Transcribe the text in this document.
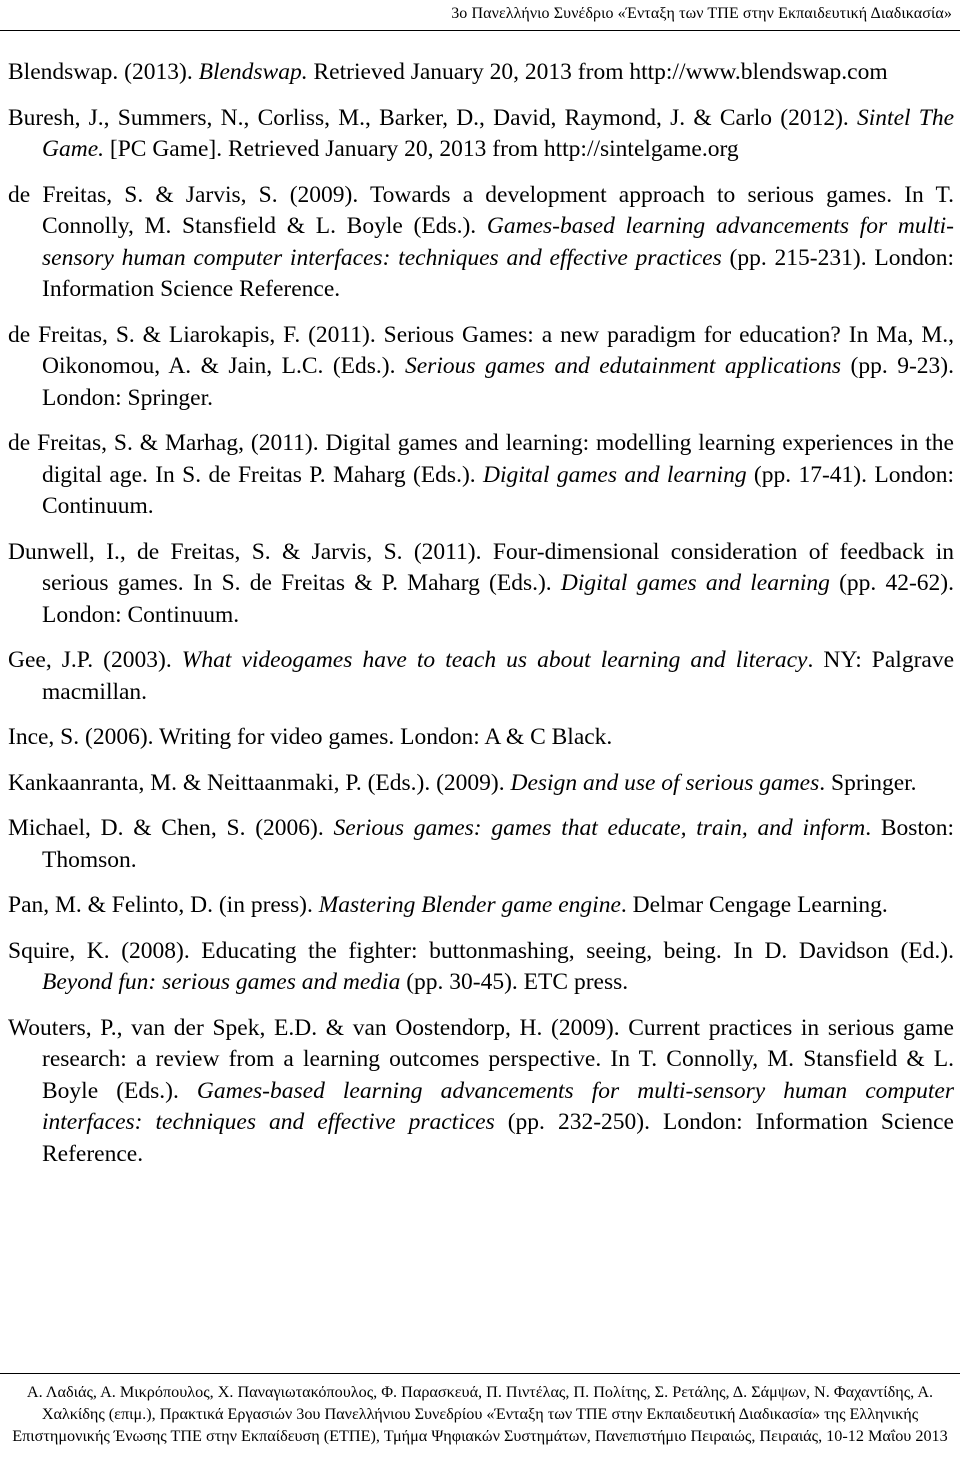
3ο Πανελλήνιο Συνέδριο «Ένταξη των ΤΠΕ στην Εκπαιδευτική Διαδικασία»

Blendswap. (2013). Blendswap. Retrieved January 20, 2013 from http://www.blendswap.com

Buresh, J., Summers, N., Corliss, M., Barker, D., David, Raymond, J. & Carlo (2012). Sintel The Game. [PC Game]. Retrieved January 20, 2013 from http://sintelgame.org

de Freitas, S. & Jarvis, S. (2009). Towards a development approach to serious games. In T. Connolly, M. Stansfield & L. Boyle (Eds.). Games-based learning advancements for multi-sensory human computer interfaces: techniques and effective practices (pp. 215-231). London: Information Science Reference.

de Freitas, S. & Liarokapis, F. (2011). Serious Games: a new paradigm for education? In Ma, M., Oikonomou, A. & Jain, L.C. (Eds.). Serious games and edutainment applications (pp. 9-23). London: Springer.

de Freitas, S. & Marhag, (2011). Digital games and learning: modelling learning experiences in the digital age. In S. de Freitas P. Maharg (Eds.). Digital games and learning (pp. 17-41). London: Continuum.

Dunwell, I., de Freitas, S. & Jarvis, S. (2011). Four-dimensional consideration of feedback in serious games. In S. de Freitas & P. Maharg (Eds.). Digital games and learning (pp. 42-62). London: Continuum.

Gee, J.P. (2003). What videogames have to teach us about learning and literacy. NY: Palgrave macmillan.

Ince, S. (2006). Writing for video games. London: A & C Black.

Kankaanranta, M. & Neittaanmaki, P. (Eds.). (2009). Design and use of serious games. Springer.

Michael, D. & Chen, S. (2006). Serious games: games that educate, train, and inform. Boston: Thomson.

Pan, M. & Felinto, D. (in press). Mastering Blender game engine. Delmar Cengage Learning.

Squire, K. (2008). Educating the fighter: buttonmashing, seeing, being. In D. Davidson (Ed.). Beyond fun: serious games and media (pp. 30-45). ETC press.

Wouters, P., van der Spek, E.D. & van Oostendorp, H. (2009). Current practices in serious game research: a review from a learning outcomes perspective. In T. Connolly, M. Stansfield & L. Boyle (Eds.). Games-based learning advancements for multi-sensory human computer interfaces: techniques and effective practices (pp. 232-250). London: Information Science Reference.

Α. Λαδιάς, Α. Μικρόπουλος, Χ. Παναγιωτακόπουλος, Φ. Παρασκευά, Π. Πιντέλας, Π. Πολίτης, Σ. Ρετάλης, Δ. Σάμψων, Ν. Φαχαντίδης, Α. Χαλκίδης (επιμ.), Πρακτικά Εργασιών 3ου Πανελλήνιου Συνεδρίου «Ένταξη των ΤΠΕ στην Εκπαιδευτική Διαδικασία» της Ελληνικής Επιστημονικής Ένωσης ΤΠΕ στην Εκπαίδευση (ΕΤΠΕ), Τμήμα Ψηφιακών Συστημάτων, Πανεπιστήμιο Πειραιώς, Πειραιάς, 10-12 Μαΐου 2013
